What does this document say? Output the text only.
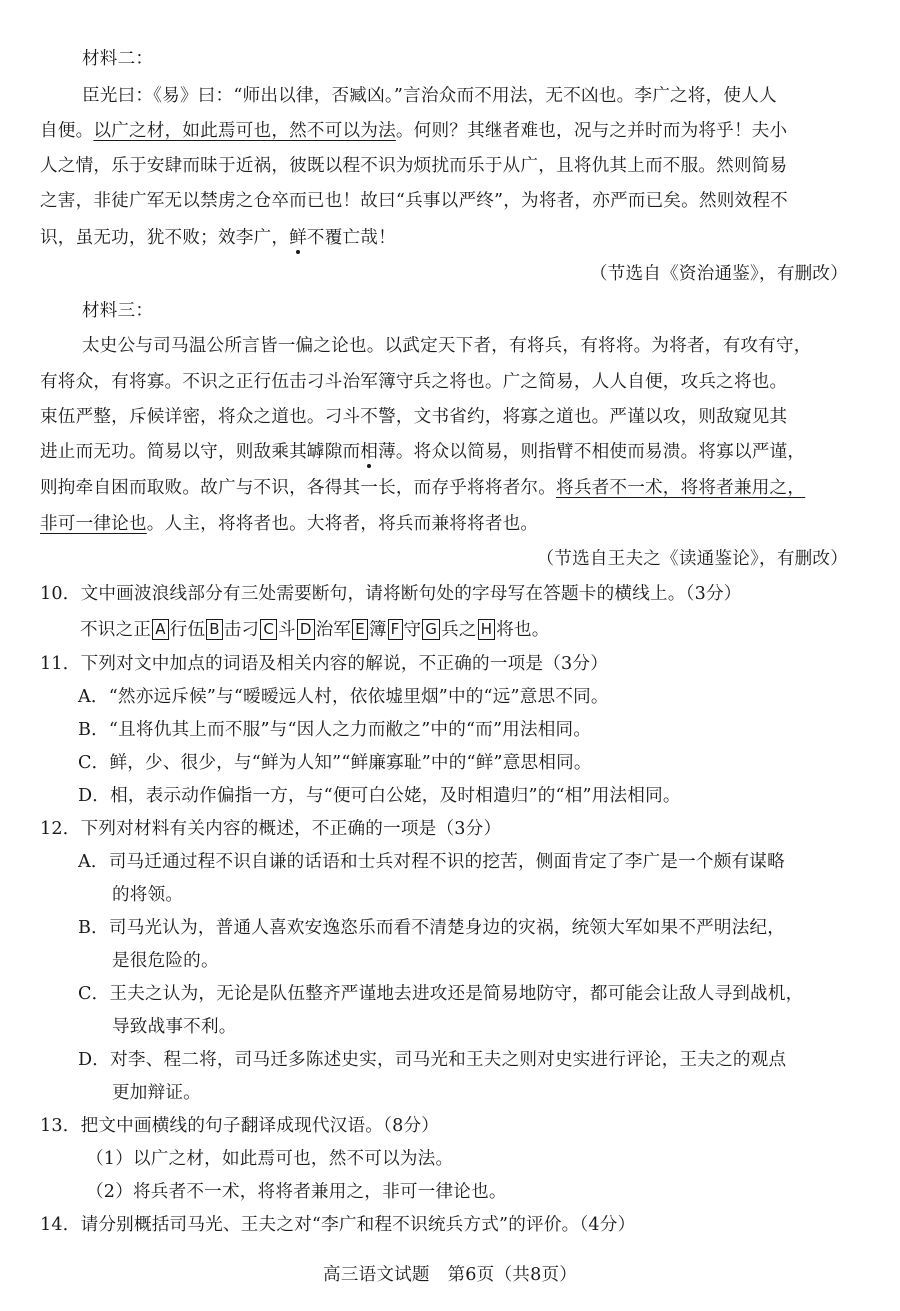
材料二：
臣光曰：《易》曰：“师出以律，否臧凶。”言治众而不用法，无不凶也。李广之将，使人人
自便。以广之材，如此焉可也，然不可以为法。何则？其继者难也，况与之并时而为将乎！夫小
人之情，乐于安肆而昧于近祸，彼既以程不识为烦扰而乐于从广，且将仇其上而不服。然则简易
之害，非徒广军无以禁虏之仓卒而已也！故曰“兵事以严终”，为将者，亦严而已矣。然则效程不
识，虽无功，犹不败；效李广，鲜不覆亡哉！
（节选自《资治通鉴》，有删改）
材料三：
太史公与司马温公所言皆一偏之论也。以武定天下者，有将兵，有将将。为将者，有攻有守，
有将众，有将寡。不识之正行伍击刁斗治军簿守兵之将也。广之简易，人人自便，攻兵之将也。
束伍严整，斥候详密，将众之道也。刁斗不警，文书省约，将寡之道也。严谨以攻，则敌窥见其
进止而无功。简易以守，则敌乘其罅隙而相薄。将众以简易，则指臂不相使而易溃。将寡以严谨，
则拘牵自困而取败。故广与不识，各得其一长，而存乎将将者尔。将兵者不一术，将将者兼用之，
非可一律论也。人主，将将者也。大将者，将兵而兼将将者也。
（节选自王夫之《读通鉴论》，有删改）
10．文中画波浪线部分有三处需要断句，请将断句处的字母写在答题卡的横线上。（3分）
不识之正 A 行伍 B 击刁 C 斗 D 治军 E 簿 F 守 G 兵之 H 将也。
11．下列对文中加点的词语及相关内容的解说，不正确的一项是（3分）
A．“然亦远斥候”与“暧暧远人村，依依墟里烟”中的“远”意思不同。
B．“且将仇其上而不服”与“因人之力而敝之”中的“而”用法相同。
C．鲜，少、很少，与“鲜为人知”“鲜廉寡耻”中的“鲜”意思相同。
D．相，表示动作偏指一方，与“便可白公姥，及时相遣归”的“相”用法相同。
12．下列对材料有关内容的概述，不正确的一项是（3分）
A．司马迁通过程不识自谦的话语和士兵对程不识的挖苦，侧面肯定了李广是一个颇有谋略
的将领。
B．司马光认为，普通人喜欢安逸恣乐而看不清楚身边的灾祸，统领大军如果不严明法纪，
是很危险的。
C．王夫之认为，无论是队伍整齐严谨地去进攻还是简易地防守，都可能会让敌人寻到战机，
导致战事不利。
D．对李、程二将，司马迁多陈述史实，司马光和王夫之则对史实进行评论，王夫之的观点
更加辩证。
13．把文中画横线的句子翻译成现代汉语。（8分）
（1）以广之材，如此焉可也，然不可以为法。
（2）将兵者不一术，将将者兼用之，非可一律论也。
14．请分别概括司马光、王夫之对“李广和程不识统兵方式”的评价。（4分）
高三语文试题　第6页（共8页）
